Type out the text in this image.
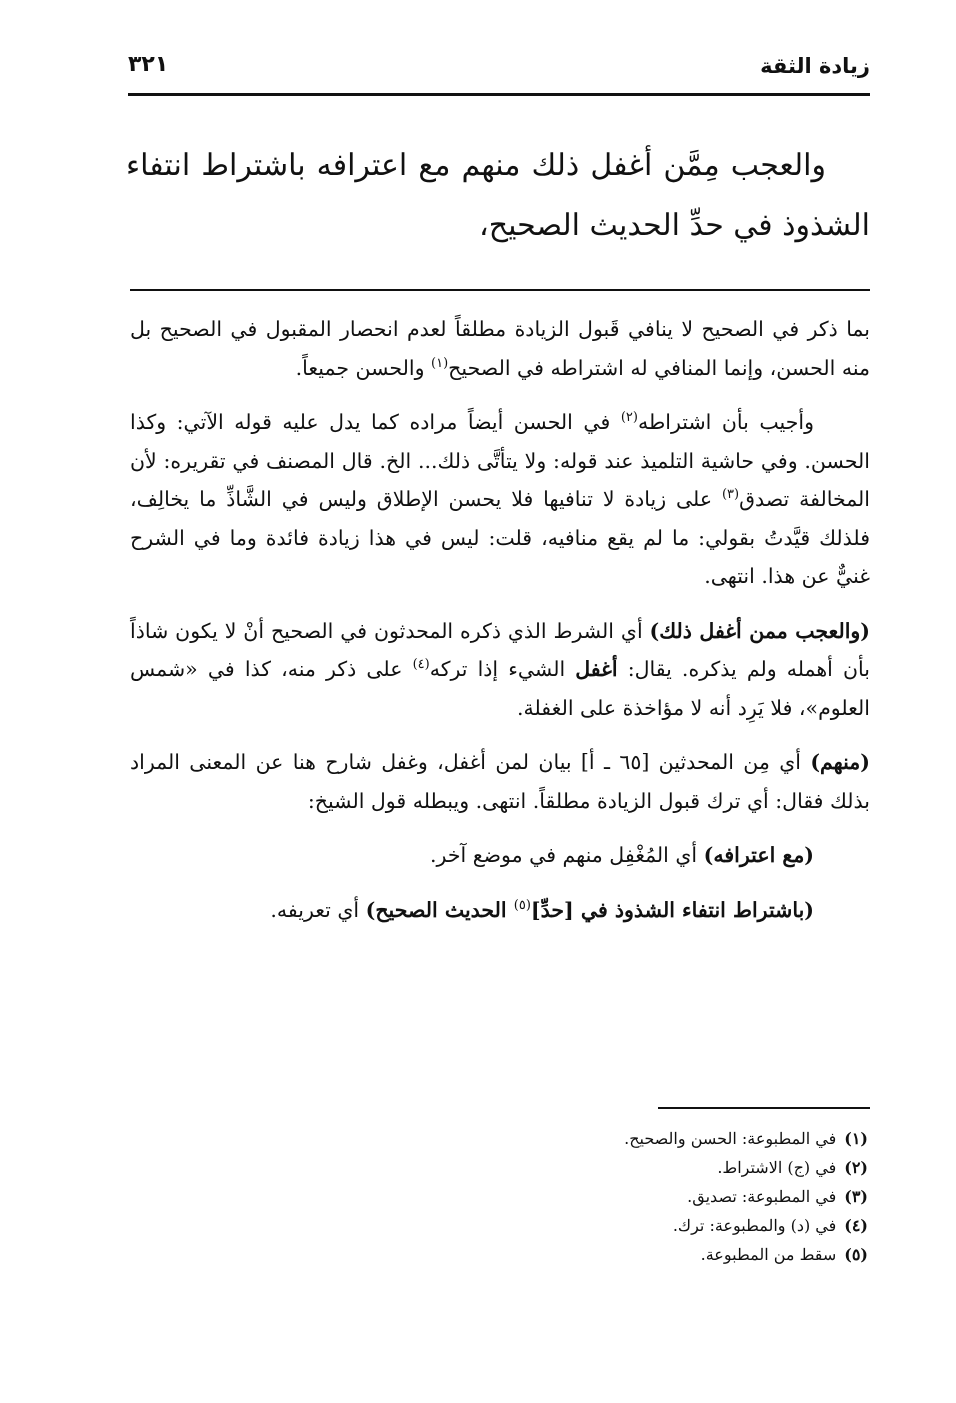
زيادة الثقة
٣٢١

والعجب مِمَّن أغفل ذلك منهم مع اعترافه باشتراط انتفاء الشذوذ في حدِّ الحديث الصحيح،

بما ذكر في الصحيح لا ينافي قَبول الزيادة مطلقاً لعدم انحصار المقبول في الصحيح بل منه الحسن، وإنما المنافي له اشتراطه في الصحيح$^{(١)}$ والحسن جميعاً.

وأجيب بأن اشتراطه$^{(٢)}$ في الحسن أيضاً مراده كما يدل عليه قوله الآتي: وكذا الحسن. وفي حاشية التلميذ عند قوله: ولا يتأتَّى ذلك... الخ. قال المصنف في تقريره: لأن المخالفة تصدق$^{(٣)}$ على زيادة لا تنافيها فلا يحسن الإطلاق وليس في الشَّاذِّ ما يخالِف، فلذلك قيَّدتُ بقولي: ما لم يقع منافيه، قلت: ليس في هذا زيادة فائدة وما في الشرح غنيٌّ عن هذا. انتهى.

(والعجب ممن أغفل ذلك) أي الشرط الذي ذكره المحدثون في الصحيح أنْ لا يكون شاذاً بأن أهمله ولم يذكره. يقال: أغفل الشيء إذا تركه$^{(٤)}$ على ذكر منه، كذا في «شمس العلوم»، فلا يَرِد أنه لا مؤاخذة على الغفلة.

(منهم) أي مِن المحدثين [٦٥ ـ أ] بيان لمن أغفل، وغفل شارح هنا عن المعنى المراد بذلك فقال: أي ترك قبول الزيادة مطلقاً. انتهى. ويبطله قول الشيخ:

(مع اعترافه) أي المُغْفِل منهم في موضع آخر.

(باشتراط انتفاء الشذوذ في [حدِّ]$^{(٥)}$ الحديث الصحيح) أي تعريفه.

(١)في المطبوعة: الحسن والصحيح.
(٢)في (ج) الاشتراط.
(٣)في المطبوعة: تصديق.
(٤)في (د) والمطبوعة: ترك.
(٥)سقط من المطبوعة.
